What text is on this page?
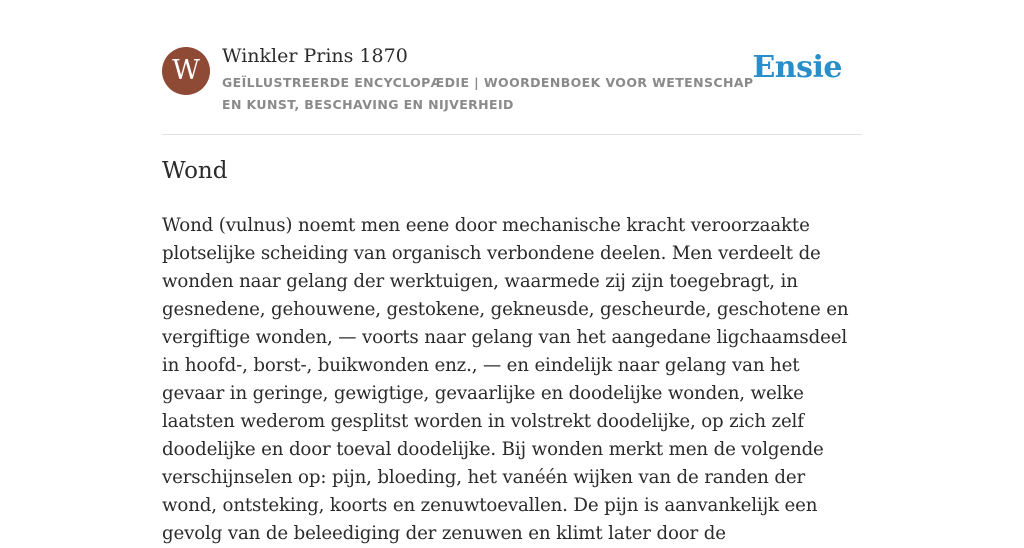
W	Winkler Prins 1870
GEÏLLUSTREERDE ENCYCLOPÆDIE | WOORDENBOEK VOOR WETENSCHAP EN KUNST, BESCHAVING EN NIJVERHEID
Ensie
Wond

Wond (vulnus) noemt men eene door mechanische kracht veroorzaakte plotselijke scheiding van organisch verbondene deelen. Men verdeelt de wonden naar gelang der werktuigen, waarmede zij zijn toegebragt, in gesnedene, gehouwene, gestokene, gekneusde, gescheurde, geschotene en vergiftige wonden, — voorts naar gelang van het aangedane ligchaamsdeel in hoofd-, borst-, buikwonden enz., — en eindelijk naar gelang van het gevaar in geringe, gewigtige, gevaarlijke en doodelijke wonden, welke laatsten wederom gesplitst worden in volstrekt doodelijke, op zich zelf doodelijke en door toeval doodelijke. Bij wonden merkt men de volgende verschijnselen op: pijn, bloeding, het vanéén wijken van de randen der wond, ontsteking, koorts en zenuwtoevallen. De pijn is aanvankelijk een gevolg van de beleediging der zenuwen en klimt later door de
